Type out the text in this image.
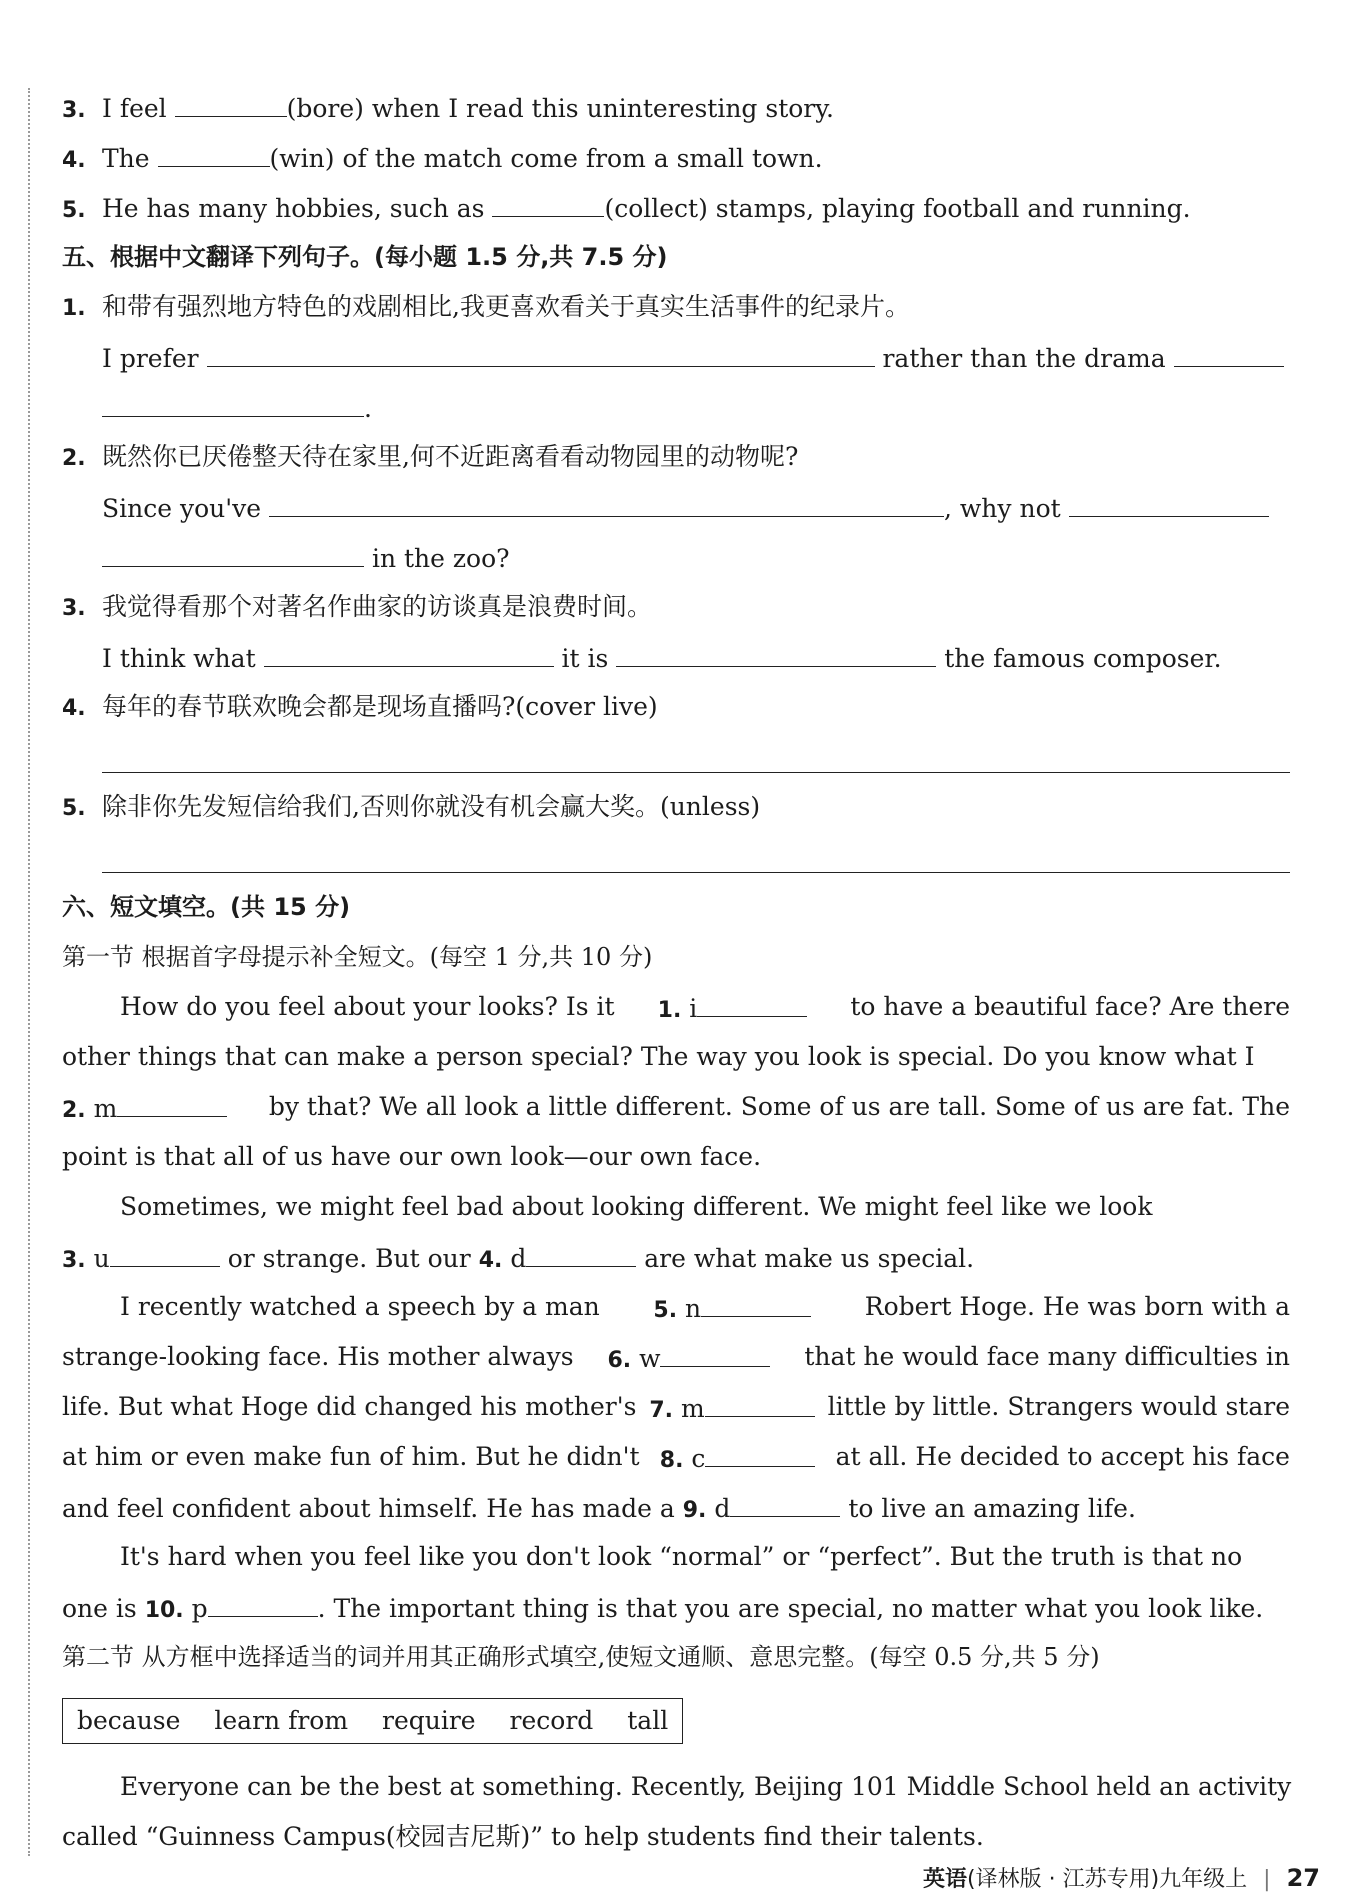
3. I feel	(bore) when I read this uninteresting story.
4. The	(win) of the match come from a small town.
5. He has many hobbies, such as	(collect) stamps, playing football and running.
五、根据中文翻译下列句子。(每小题 1.5 分,共 7.5 分)
1. 和带有强烈地方特色的戏剧相比,我更喜欢看关于真实生活事件的纪录片。
I prefer	rather than the drama
.
2. 既然你已厌倦整天待在家里,何不近距离看看动物园里的动物呢?
Since you've	, why not
in the zoo?
3. 我觉得看那个对著名作曲家的访谈真是浪费时间。
I think what	it is	the famous composer.
4. 每年的春节联欢晚会都是现场直播吗?(cover live)
5. 除非你先发短信给我们,否则你就没有机会赢大奖。(unless)
六、短文填空。(共 15 分)
第一节 根据首字母提示补全短文。(每空 1 分,共 10 分)
How do you feel about your looks? Is it 1. i	to have a beautiful face? Are there
other things that can make a person special? The way you look is special. Do you know what I
2. m	by that? We all look a little different. Some of us are tall. Some of us are fat. The
point is that all of us have our own look—our own face.
Sometimes, we might feel bad about looking different. We might feel like we look
3. u	or strange. But our 4. d	are what make us special.
I recently watched a speech by a man 5. n	Robert Hoge. He was born with a
strange-looking face. His mother always 6. w	that he would face many difficulties in
life. But what Hoge did changed his mother's 7. m	little by little. Strangers would stare
at him or even make fun of him. But he didn't 8. c	at all. He decided to accept his face
and feel confident about himself. He has made a 9. d	to live an amazing life.
It's hard when you feel like you don't look “normal” or “perfect”. But the truth is that no
one is 10. p	. The important thing is that you are special, no matter what you look like.
第二节 从方框中选择适当的词并用其正确形式填空,使短文通顺、意思完整。(每空 0.5 分,共 5 分)
because learn from require record tall
Everyone can be the best at something. Recently, Beijing 101 Middle School held an activity
called “Guinness Campus(校园吉尼斯)” to help students find their talents.
英语(译林版 · 江苏专用)九年级上 | 27
